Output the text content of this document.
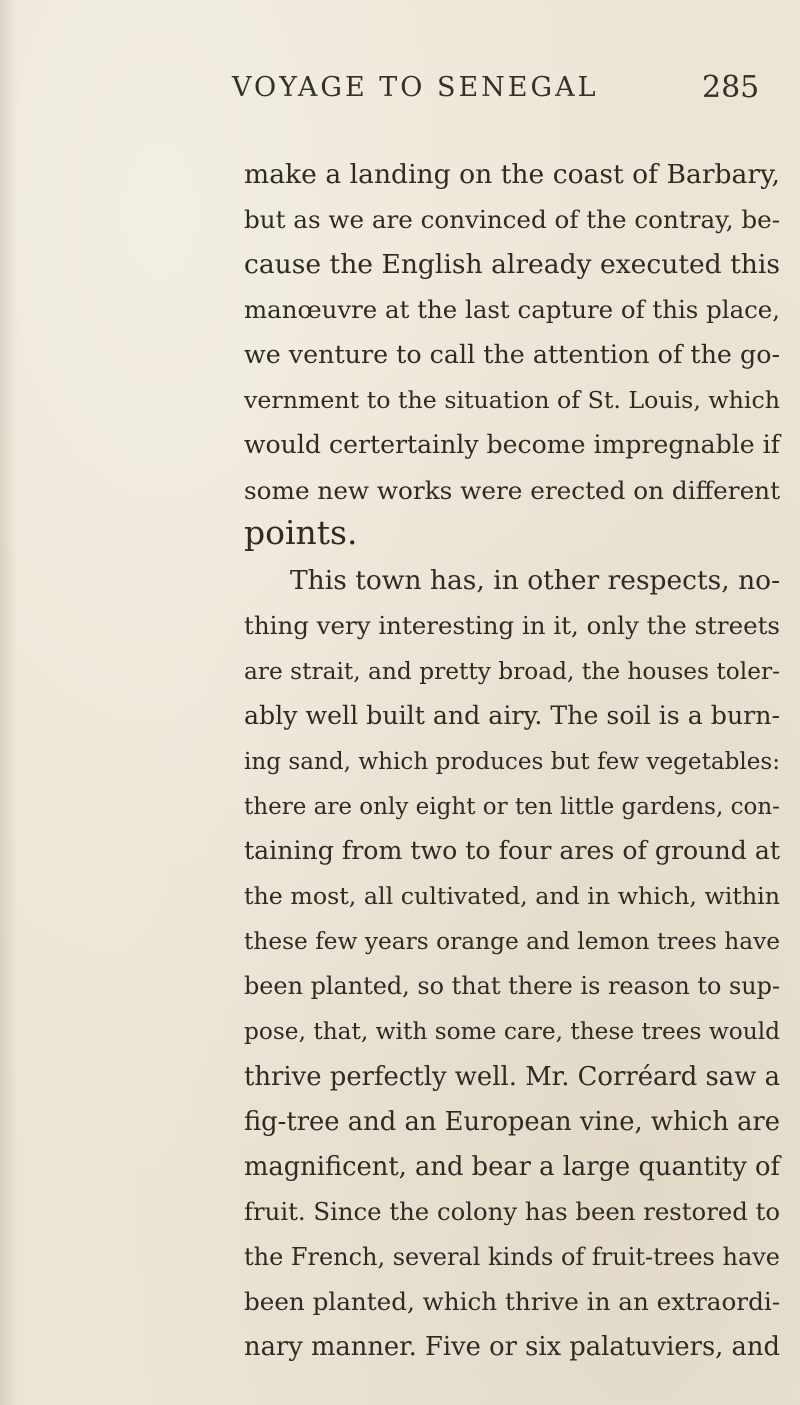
VOYAGE TO SENEGAL	285
make a landing on the coast of Barbary,
but as we are convinced of the contray, be-
cause the English already executed this
manœuvre at the last capture of this place,
we venture to call the attention of the go-
vernment to the situation of St. Louis, which
would certertainly become impregnable if
some new works were erected on different
points.
This town has, in other respects, no-
thing very interesting in it, only the streets
are strait, and pretty broad, the houses toler-
ably well built and airy. The soil is a burn-
ing sand, which produces but few vegetables:
there are only eight or ten little gardens, con-
taining from two to four ares of ground at
the most, all cultivated, and in which, within
these few years orange and lemon trees have
been planted, so that there is reason to sup-
pose, that, with some care, these trees would
thrive perfectly well. Mr. Corréard saw a
fig-tree and an European vine, which are
magnificent, and bear a large quantity of
fruit. Since the colony has been restored to
the French, several kinds of fruit-trees have
been planted, which thrive in an extraordi-
nary manner. Five or six palatuviers, and
